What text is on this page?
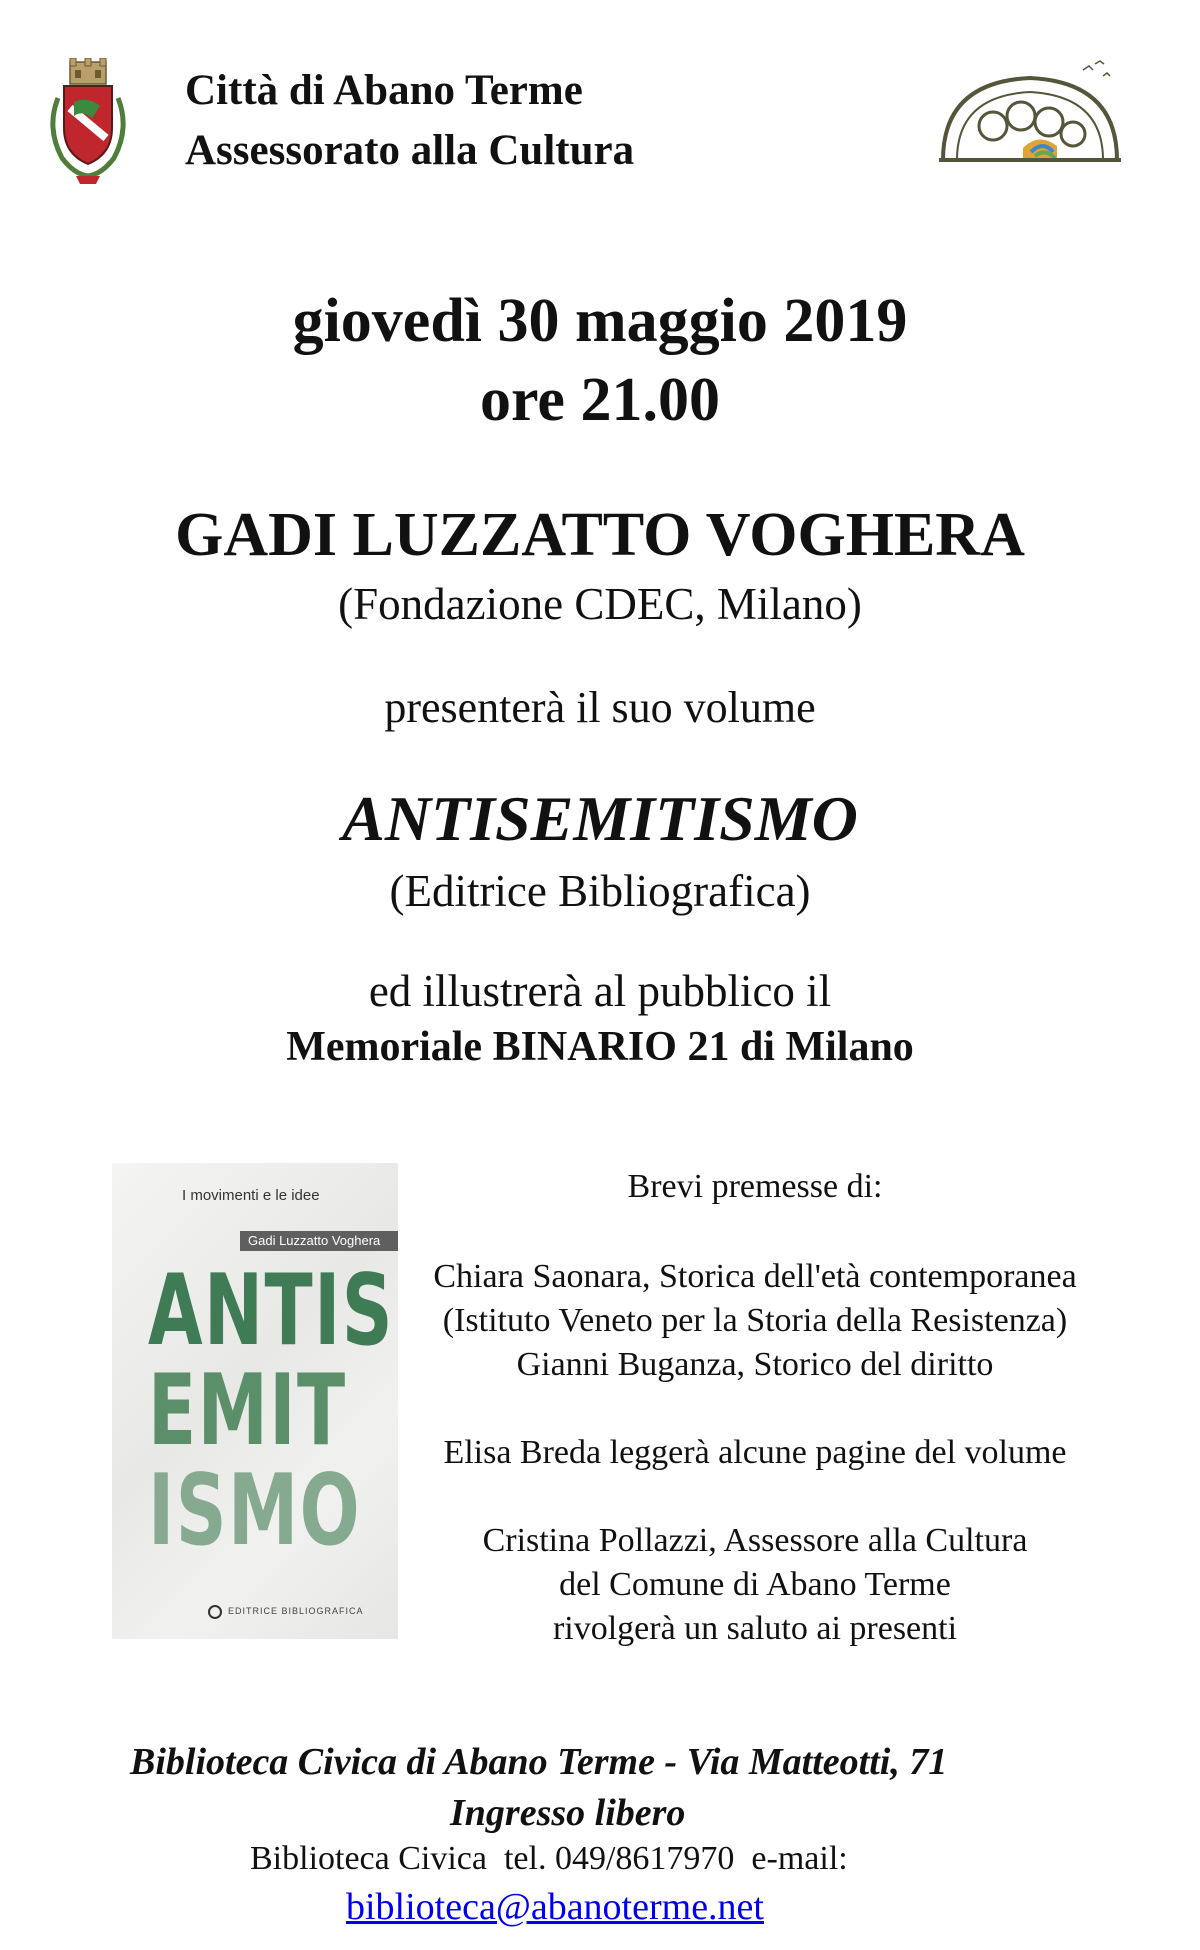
Città di Abano Terme
Assessorato alla Cultura
giovedì 30 maggio 2019
ore 21.00
GADI LUZZATTO VOGHERA
(Fondazione CDEC, Milano)
presenterà il suo volume
ANTISEMITISMO
(Editrice Bibliografica)
ed illustrerà al pubblico il
Memoriale BINARIO 21 di Milano
I movimenti e le idee
Gadi Luzzatto Voghera
ANTIS
EMIT
ISMO
EDITRICE BIBLIOGRAFICA
Brevi premesse di:
Chiara Saonara, Storica dell'età contemporanea
(Istituto Veneto per la Storia della Resistenza)
Gianni Buganza, Storico del diritto
Elisa Breda leggerà alcune pagine del volume
Cristina Pollazzi, Assessore alla Cultura
del Comune di Abano Terme
rivolgerà un saluto ai presenti
Biblioteca Civica di Abano Terme - Via Matteotti, 71
Ingresso libero
Biblioteca Civica  tel. 049/8617970  e-mail:
biblioteca@abanoterme.net
